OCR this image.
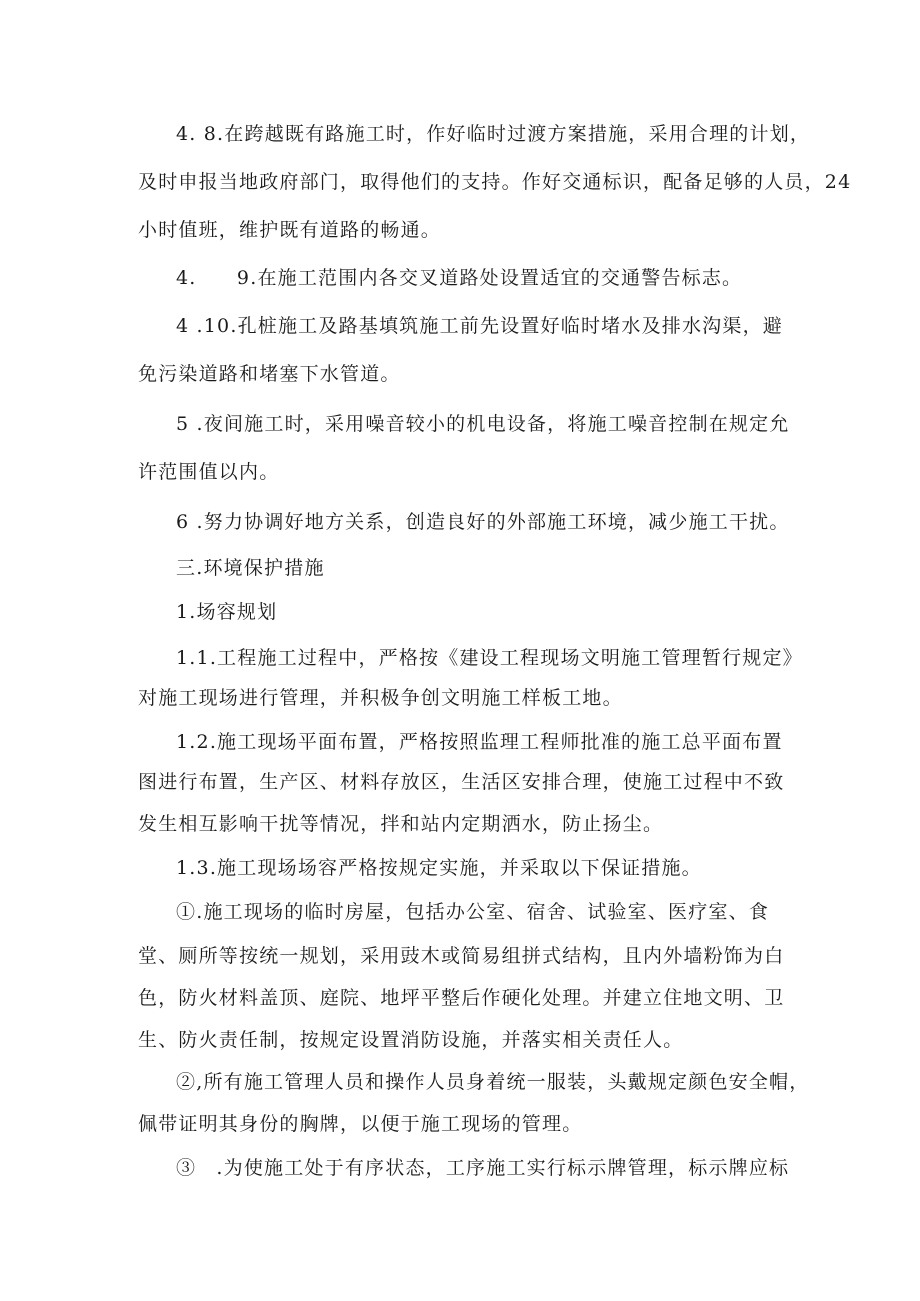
4. 8.在跨越既有路施工时，作好临时过渡方案措施，采用合理的计划，
及时申报当地政府部门，取得他们的支持。作好交通标识，配备足够的人员，24
小时值班，维护既有道路的畅通。
4.　　9.在施工范围内各交叉道路处设置适宜的交通警告标志。
4 .10.孔桩施工及路基填筑施工前先设置好临时堵水及排水沟渠，避
免污染道路和堵塞下水管道。
5 .夜间施工时，采用噪音较小的机电设备，将施工噪音控制在规定允
许范围值以内。
6 .努力协调好地方关系，创造良好的外部施工环境，减少施工干扰。
三.环境保护措施
1.场容规划
1.1.工程施工过程中，严格按《建设工程现场文明施工管理暂行规定》
对施工现场进行管理，并积极争创文明施工样板工地。
1.2.施工现场平面布置，严格按照监理工程师批准的施工总平面布置
图进行布置，生产区、材料存放区，生活区安排合理，使施工过程中不致
发生相互影响干扰等情况，拌和站内定期洒水，防止扬尘。
1.3.施工现场场容严格按规定实施，并采取以下保证措施。
①.施工现场的临时房屋，包括办公室、宿舍、试验室、医疗室、食
堂、厕所等按统一规划，采用豉木或简易组拼式结构，且内外墙粉饰为白
色，防火材料盖顶、庭院、地坪平整后作硬化处理。并建立住地文明、卫
生、防火责任制，按规定设置消防设施，并落实相关责任人。
②,所有施工管理人员和操作人员身着统一服装，头戴规定颜色安全帽，
佩带证明其身份的胸牌，以便于施工现场的管理。
③　.为使施工处于有序状态，工序施工实行标示牌管理，标示牌应标
